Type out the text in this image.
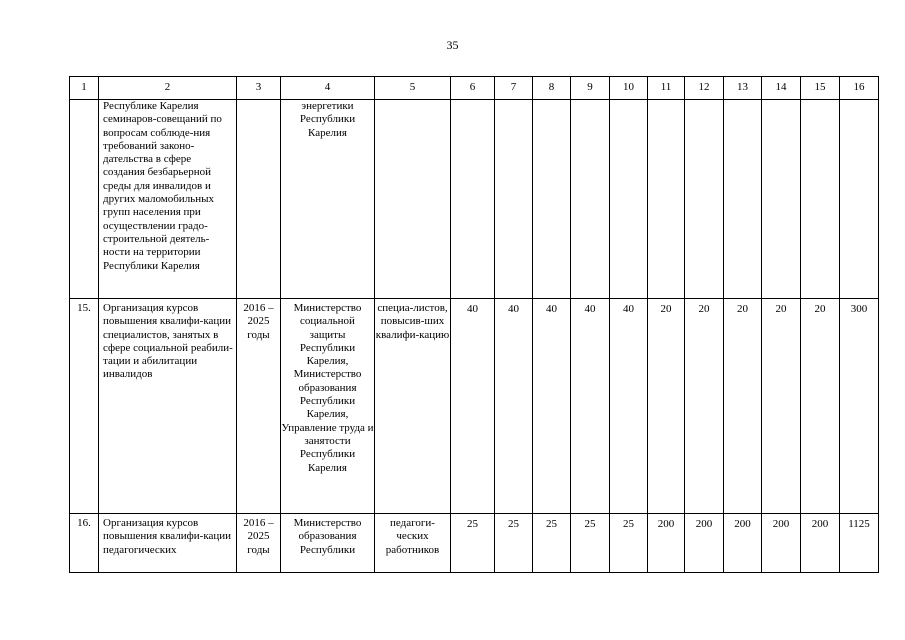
35
1	2	3	4	5	6	7	8	9	10	11	12	13	14	15	16
	Республике Карелия семинаров-совещаний по вопросам соблюде-ния требований законо-дательства в сфере создания безбарьерной среды для инвалидов и других маломобильных групп населения при осуществлении градо-строительной деятель-ности на территории Республики Карелия		энергетики Республики Карелия												
15.	Организация курсов повышения квалифи-кации специалистов, занятых в сфере социальной реабили-тации и абилитации инвалидов	2016 – 2025 годы	Министерство социальной защиты Республики Карелия, Министерство образования Республики Карелия, Управление труда и занятости Республики Карелия	специа-листов, повысив-ших квалифи-кацию	40	40	40	40	40	20	20	20	20	20	300
16.	Организация курсов повышения квалифи-кации педагогических	2016 – 2025 годы	Министерство образования Республики	педагоги-ческих работников	25	25	25	25	25	200	200	200	200	200	1125
